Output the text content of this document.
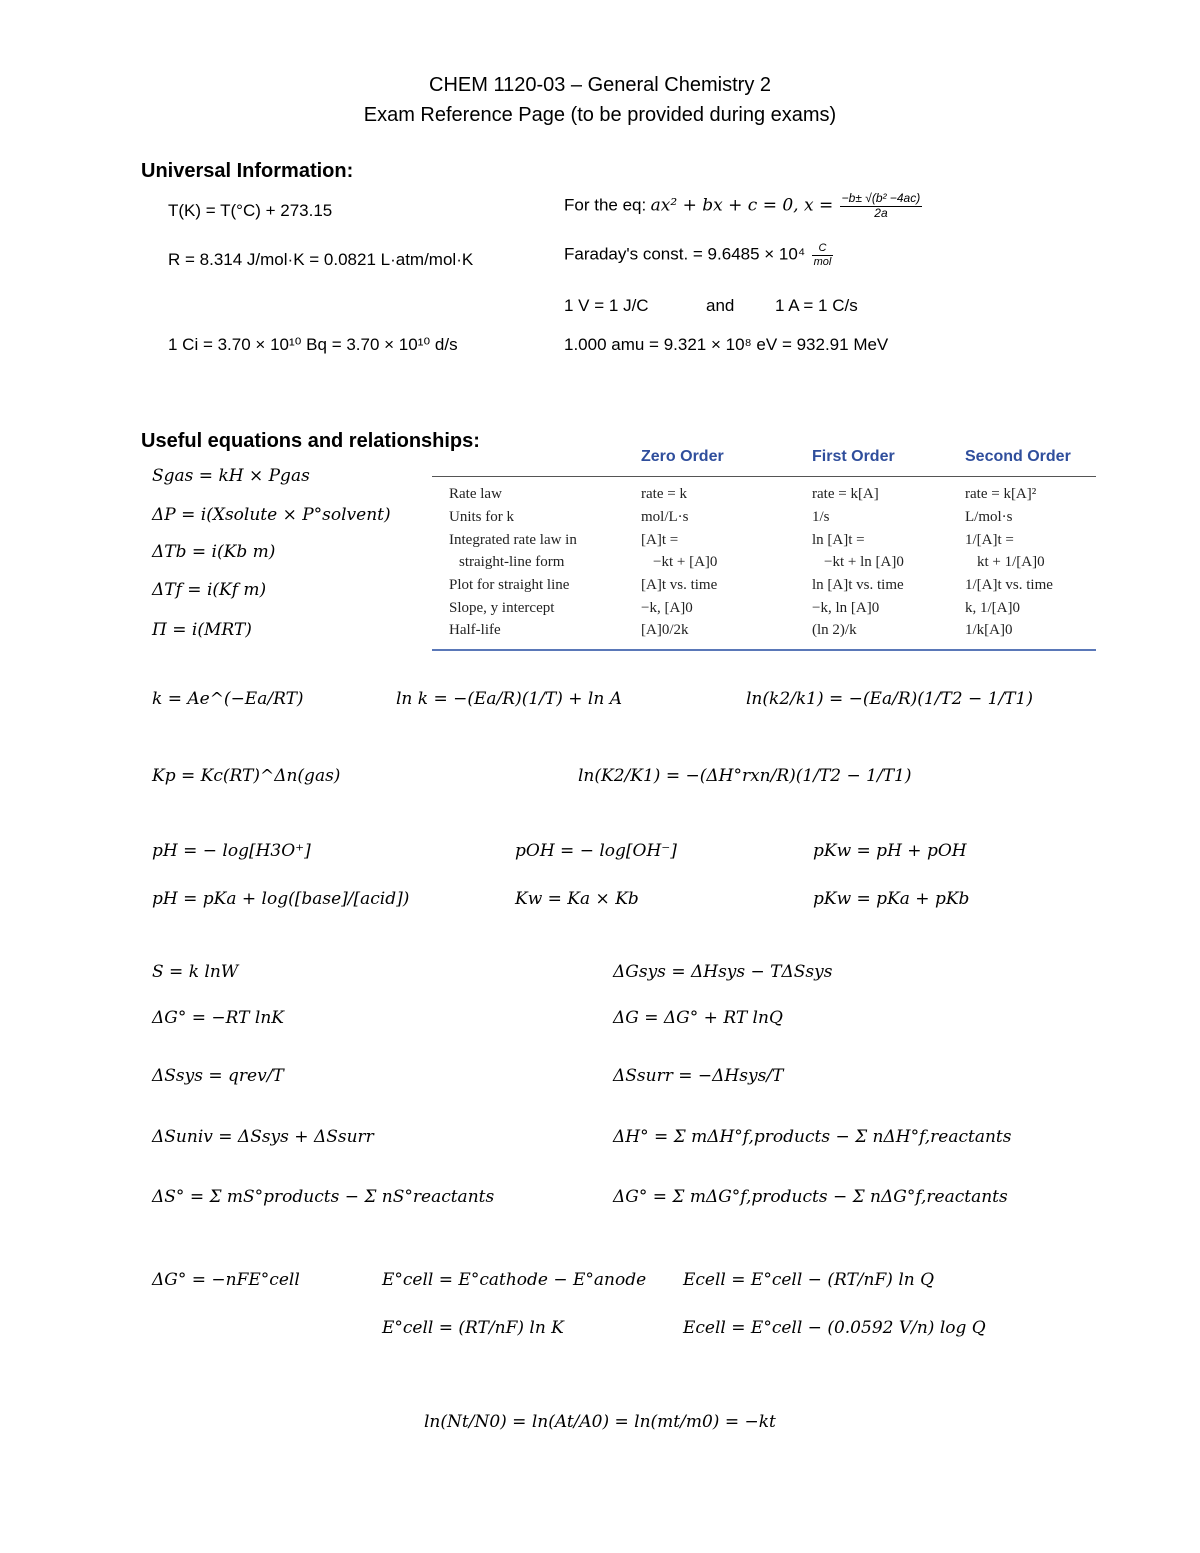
CHEM 1120-03 – General Chemistry 2
Exam Reference Page (to be provided during exams)
Universal Information:
T(K) = T(°C) + 273.15
R = 8.314 J/mol·K = 0.0821 L·atm/mol·K
1 Ci = 3.70 × 10¹⁰ Bq = 3.70 × 10¹⁰ d/s
For the eq: ax² + bx + c = 0, $x = \frac{\text{−b± √(b² −4ac)}}{2a}$
Faraday's const. = $9.6485 \times 10^4 \frac{C}{\text{mol}}$
1 V = 1 J/C	and 1 A = 1 C/s
1.000 amu = 9.321 × 10⁸ eV = 932.91 MeV
Useful equations and relationships:
Sgas = kH × Pgas
ΔP = i(Xsolute × P°solvent)
ΔTb = i(Kb m)
ΔTf = i(Kf m)
Π = i(MRT)
Zero Order	First Order	Second Order
Rate law	rate = k	rate = k[A]	rate = k[A]²
Units for k	mol/L·s	1/s	L/mol·s
Integrated rate law in	[A]t =	ln [A]t =	1/[A]t =
straight-line form	−kt + [A]0	−kt + ln [A]0	kt + 1/[A]0
Plot for straight line	[A]t vs. time	ln [A]t vs. time	1/[A]t vs. time
Slope, y intercept	−k, [A]0	−k, ln [A]0	k, 1/[A]0
Half-life	[A]0/2k	(ln 2)/k	1/k[A]0
k = Ae^(−Ea/RT)	ln k = −(Ea/R)(1/T) + ln A	ln(k2/k1) = −(Ea/R)(1/T2 − 1/T1)
Kp = Kc(RT)^Δn(gas)	ln(K2/K1) = −(ΔH°rxn/R)(1/T2 − 1/T1)
pH = − log[H3O⁺]	pOH = − log[OH⁻]	pKw = pH + pOH
pH = pKa + log([base]/[acid])	Kw = Ka × Kb	pKw = pKa + pKb
S = k lnW	ΔGsys = ΔHsys − TΔSsys
ΔG° = −RT lnK	ΔG = ΔG° + RT lnQ
ΔSsys = qrev/T	ΔSsurr = −ΔHsys/T
ΔSuniv = ΔSsys + ΔSsurr	ΔH° = Σ mΔH°f,products − Σ nΔH°f,reactants
ΔS° = Σ mS°products − Σ nS°reactants	ΔG° = Σ mΔG°f,products − Σ nΔG°f,reactants
ΔG° = −nFE°cell	E°cell = E°cathode − E°anode Ecell = E°cell − (RT/nF) ln Q
E°cell = (RT/nF) ln K	Ecell = E°cell − (0.0592 V/n) log Q
ln(Nt/N0) = ln(At/A0) = ln(mt/m0) = −kt
